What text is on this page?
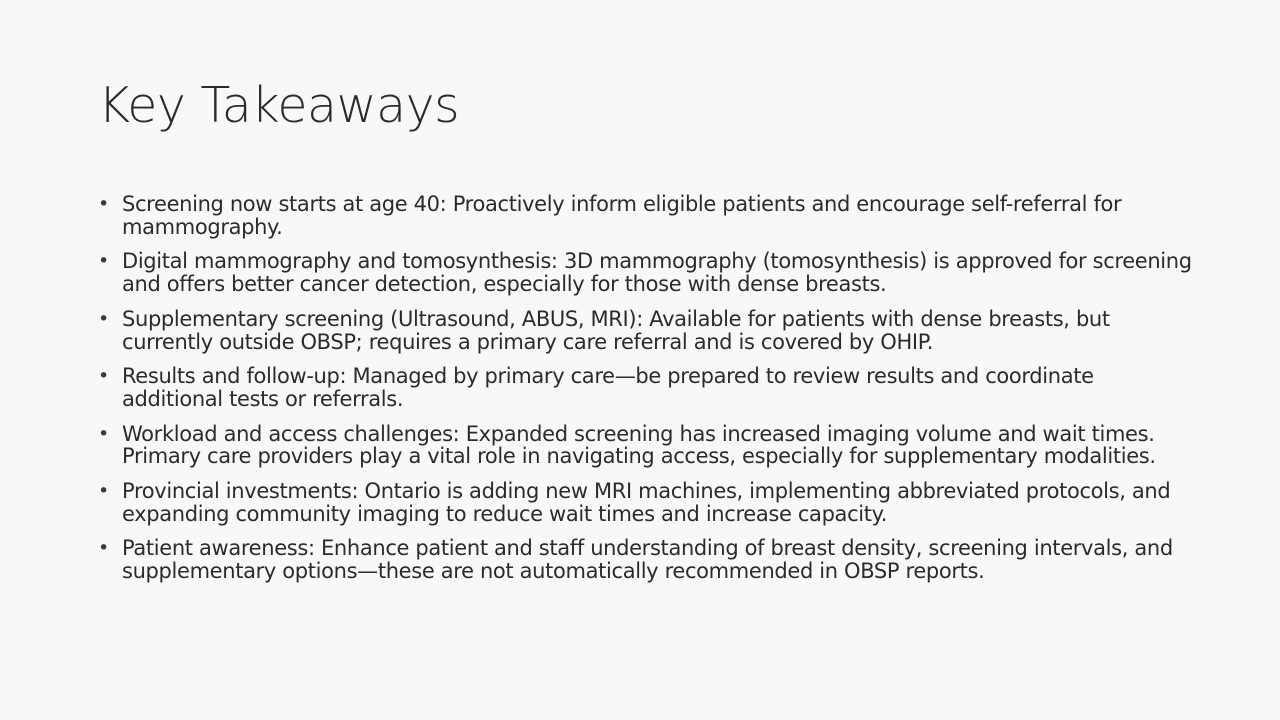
Key Takeaways
• Screening now starts at age 40: Proactively inform eligible patients and encourage self-referral for mammography.
• Digital mammography and tomosynthesis: 3D mammography (tomosynthesis) is approved for screening and offers better cancer detection, especially for those with dense breasts.
• Supplementary screening (Ultrasound, ABUS, MRI): Available for patients with dense breasts, but currently outside OBSP; requires a primary care referral and is covered by OHIP.
• Results and follow-up: Managed by primary care—be prepared to review results and coordinate additional tests or referrals.
• Workload and access challenges: Expanded screening has increased imaging volume and wait times. Primary care providers play a vital role in navigating access, especially for supplementary modalities.
• Provincial investments: Ontario is adding new MRI machines, implementing abbreviated protocols, and expanding community imaging to reduce wait times and increase capacity.
• Patient awareness: Enhance patient and staff understanding of breast density, screening intervals, and supplementary options—these are not automatically recommended in OBSP reports.
